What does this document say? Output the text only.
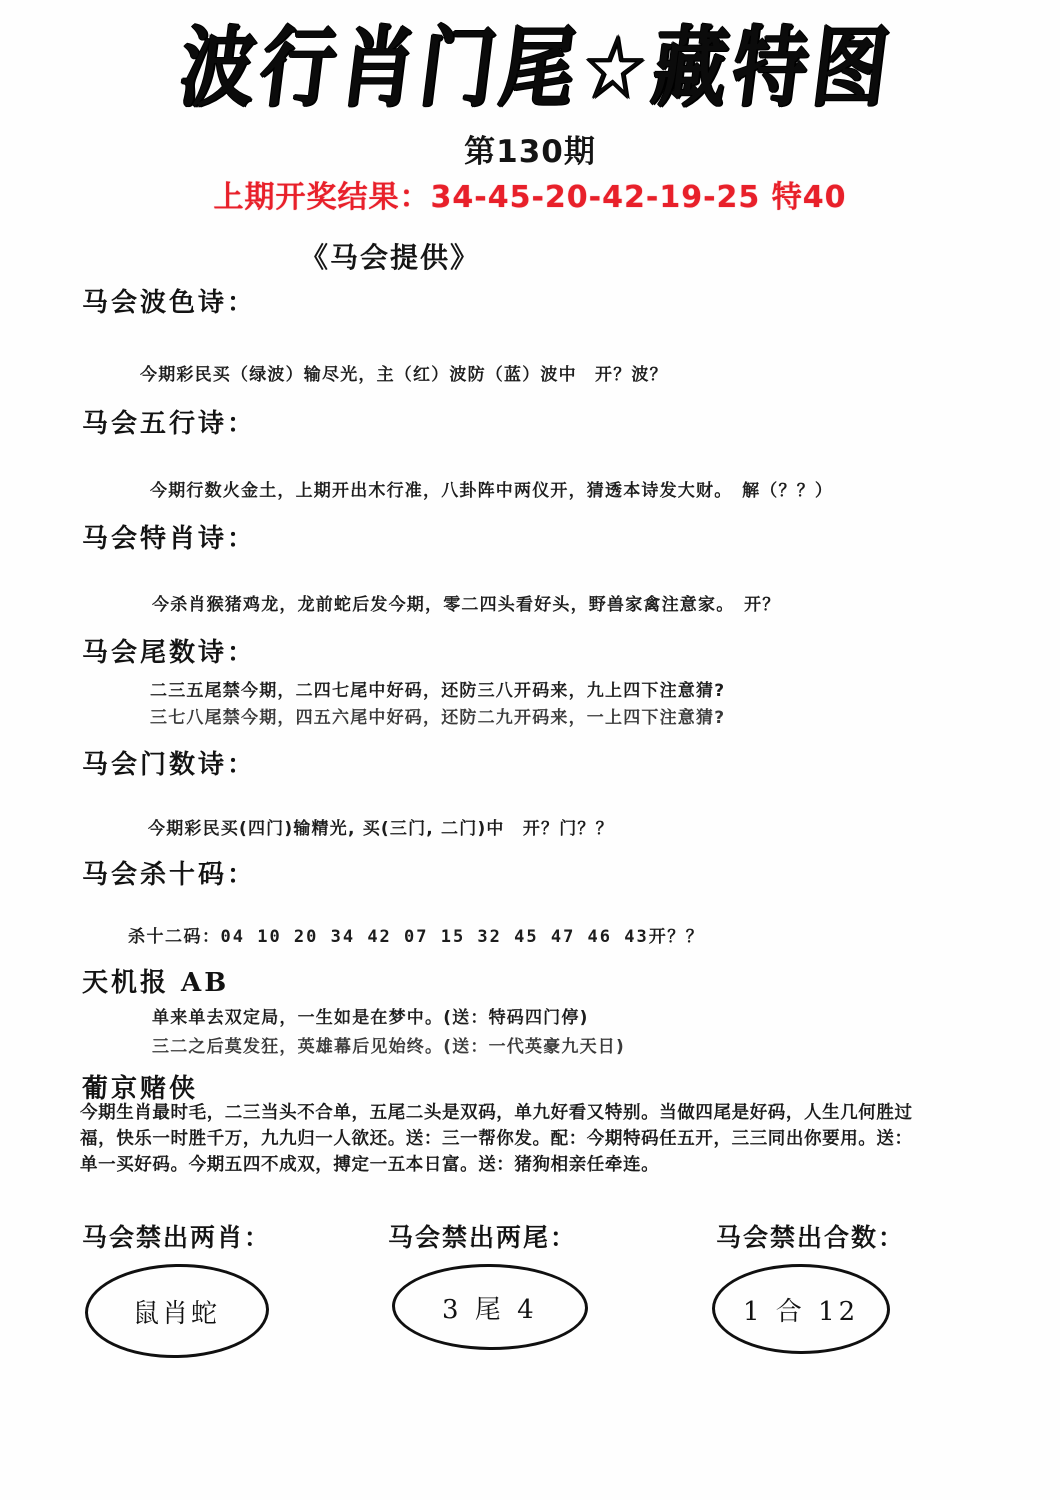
波行肖门尾☆藏特图
第130期
上期开奖结果：34-45-20-42-19-25 特40
《马会提供》
马会波色诗：
今期彩民买（绿波）输尽光，主（红）波防（蓝）波中　开？波？
马会五行诗：
今期行数火金土，上期开出木行准，八卦阵中两仪开，猜透本诗发大财。　解（？？）
马会特肖诗：
今杀肖猴猪鸡龙，龙前蛇后发今期，零二四头看好头，野兽家禽注意家。　开？
马会尾数诗：
二三五尾禁今期，二四七尾中好码，还防三八开码来，九上四下注意猜?
三七八尾禁今期，四五六尾中好码，还防二九开码来，一上四下注意猜?
马会门数诗：
今期彩民买(四门)输精光, 买(三门, 二门)中　开？门？？
马会杀十码：
杀十二码：04 10 20 34 42 07 15 32 45 47 46 43开？？
天机报 AB
单来单去双定局，一生如是在梦中。(送：特码四门停)
三二之后莫发狂，英雄幕后见始终。(送：一代英豪九天日)
葡京赌侠
今期生肖最时毛，二三当头不合单，五尾二头是双码，单九好看又特别。当做四尾是好码，人生几何胜过
福，快乐一时胜千万，九九归一人欲还。送：三一帮你发。配：今期特码任五开，三三同出你要用。送：
单一买好码。今期五四不成双，搏定一五本日富。送：猪狗相亲任牵连。
马会禁出两肖：	马会禁出两尾：	马会禁出合数：
鼠肖蛇	3 尾 4	1 合 12
